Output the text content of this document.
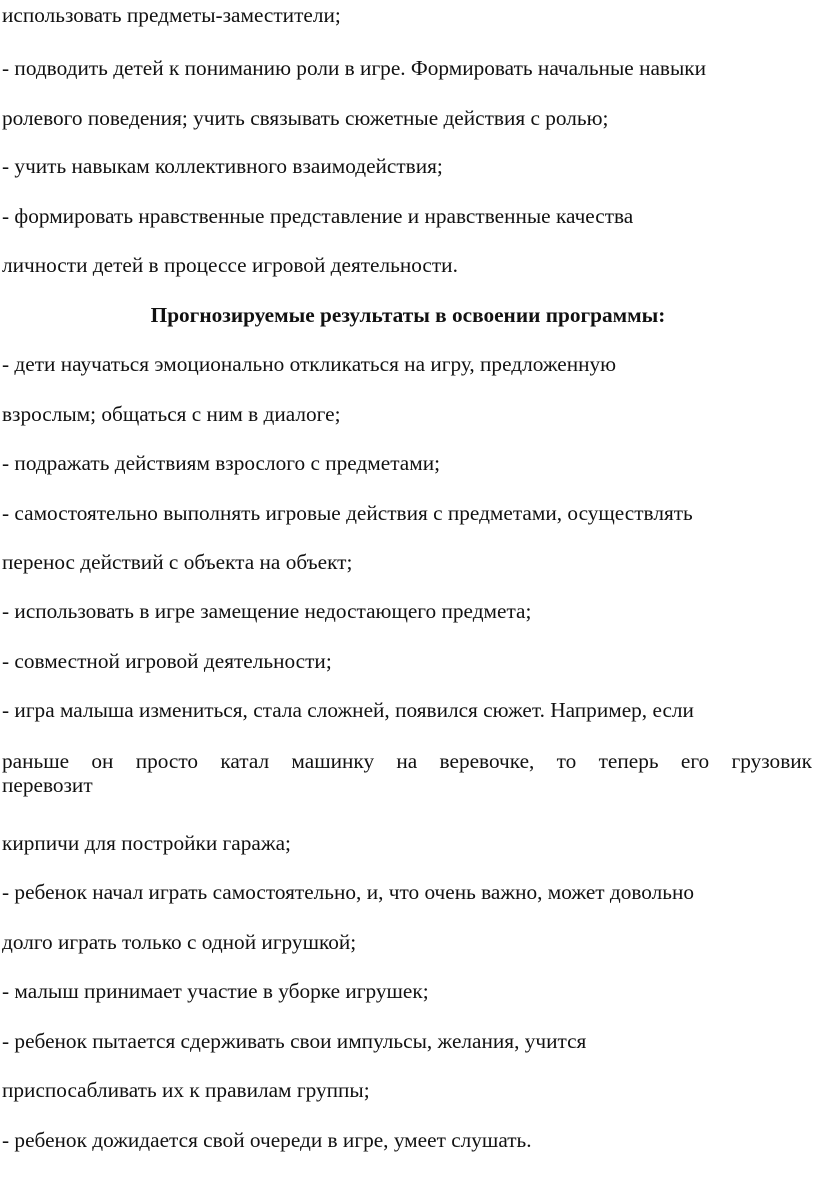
использовать предметы-заместители;
- подводить детей к пониманию роли в игре. Формировать начальные навыки
ролевого поведения; учить связывать сюжетные действия с ролью;
- учить навыкам коллективного взаимодействия;
- формировать нравственные представление и нравственные качества
личности детей в процессе игровой деятельности.
Прогнозируемые результаты в освоении программы:
- дети научаться эмоционально откликаться на игру, предложенную
взрослым; общаться с ним в диалоге;
- подражать действиям взрослого с предметами;
- самостоятельно выполнять игровые действия с предметами, осуществлять
перенос действий с объекта на объект;
- использовать в игре замещение недостающего предмета;
- совместной игровой деятельности;
- игра малыша измениться, стала сложней, появился сюжет. Например, если
раньше он просто катал машинку на веревочке, то теперь его грузовик
перевозит
кирпичи для постройки гаража;
- ребенок начал играть самостоятельно, и, что очень важно, может довольно
долго играть только с одной игрушкой;
- малыш принимает участие в уборке игрушек;
- ребенок пытается сдерживать свои импульсы, желания, учится
приспосабливать их к правилам группы;
- ребенок дожидается свой очереди в игре, умеет слушать.
